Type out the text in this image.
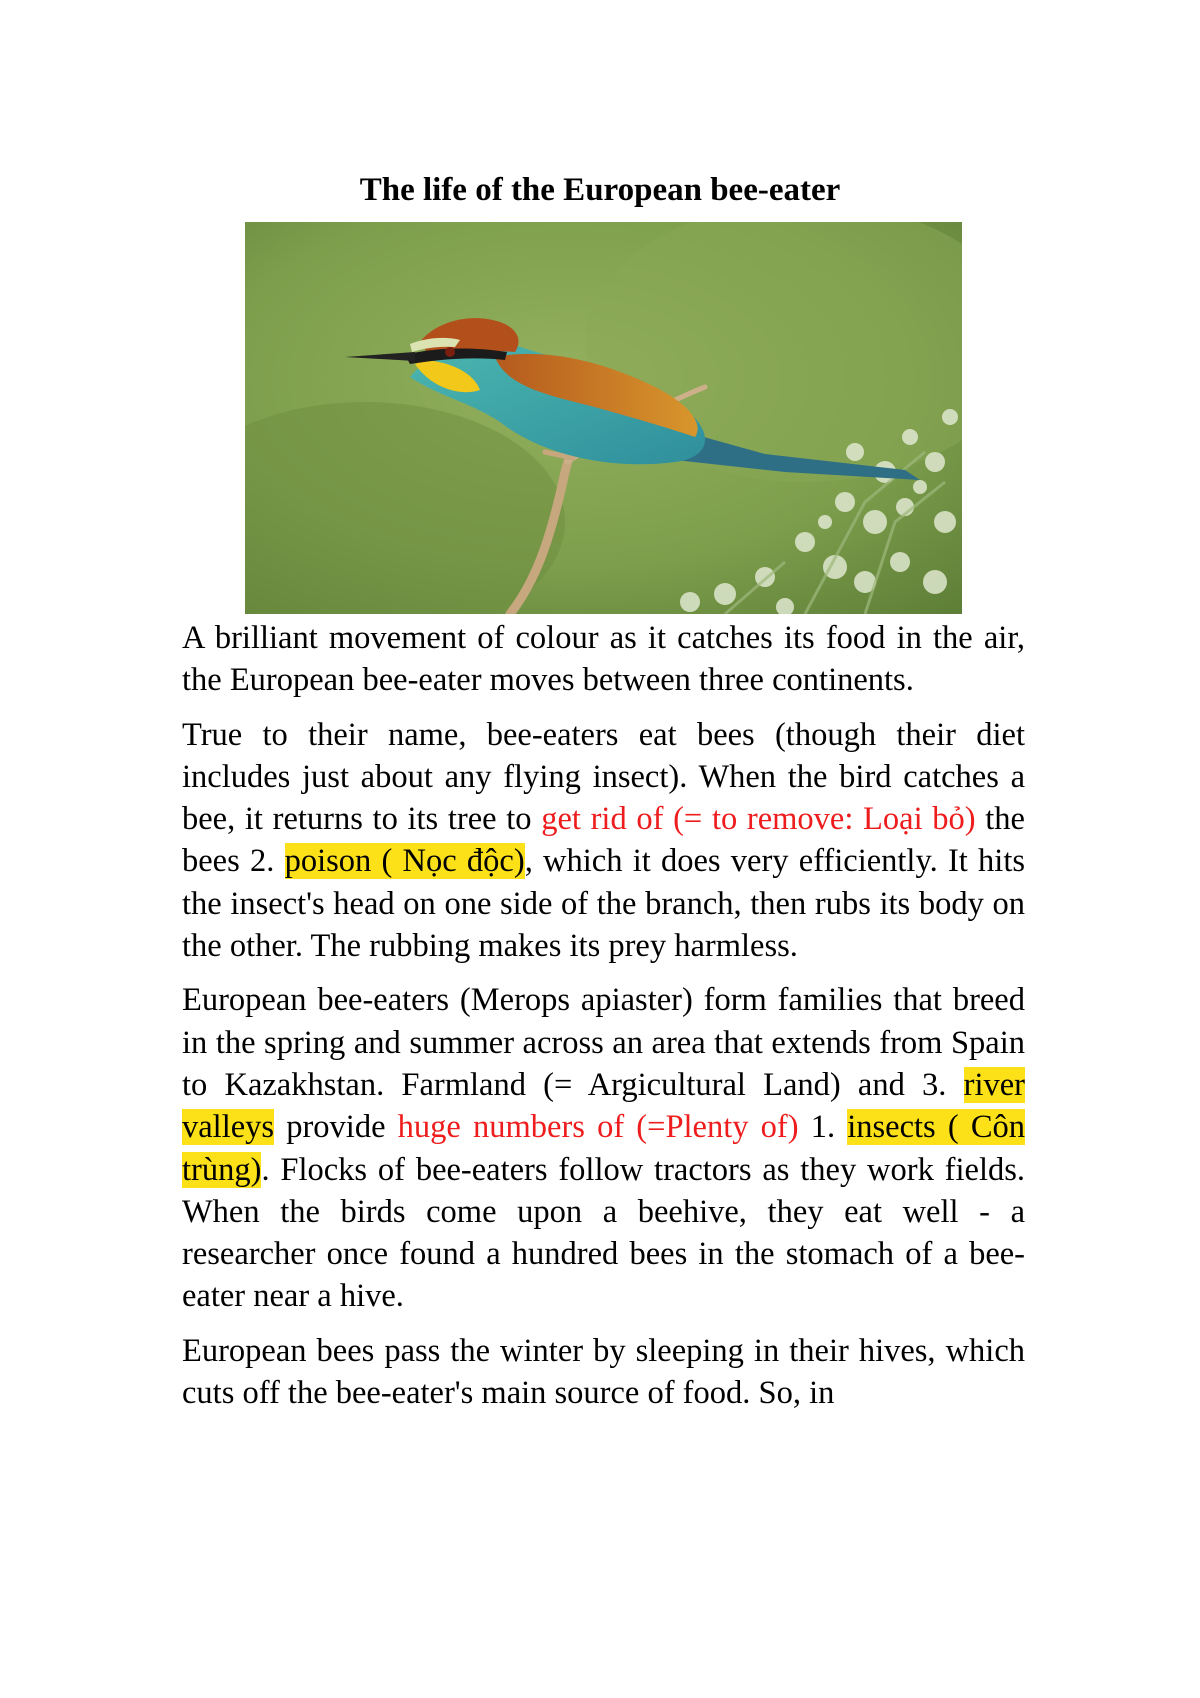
The life of the European bee-eater

A brilliant movement of colour as it catches its food in the air, the European bee-eater moves between three continents.

True to their name, bee-eaters eat bees (though their diet includes just about any flying insect). When the bird catches a bee, it returns to its tree to get rid of (= to remove: Loại bỏ) the bees 2. poison ( Nọc độc), which it does very efficiently. It hits the insect's head on one side of the branch, then rubs its body on the other. The rubbing makes its prey harmless.

European bee-eaters (Merops apiaster) form families that breed in the spring and summer across an area that extends from Spain to Kazakhstan. Farmland (= Argicultural Land) and 3. river valleys provide huge numbers of (=Plenty of) 1. insects ( Côn trùng). Flocks of bee-eaters follow tractors as they work fields. When the birds come upon a beehive, they eat well - a researcher once found a hundred bees in the stomach of a bee-eater near a hive.

European bees pass the winter by sleeping in their hives, which cuts off the bee-eater's main source of food. So, in
